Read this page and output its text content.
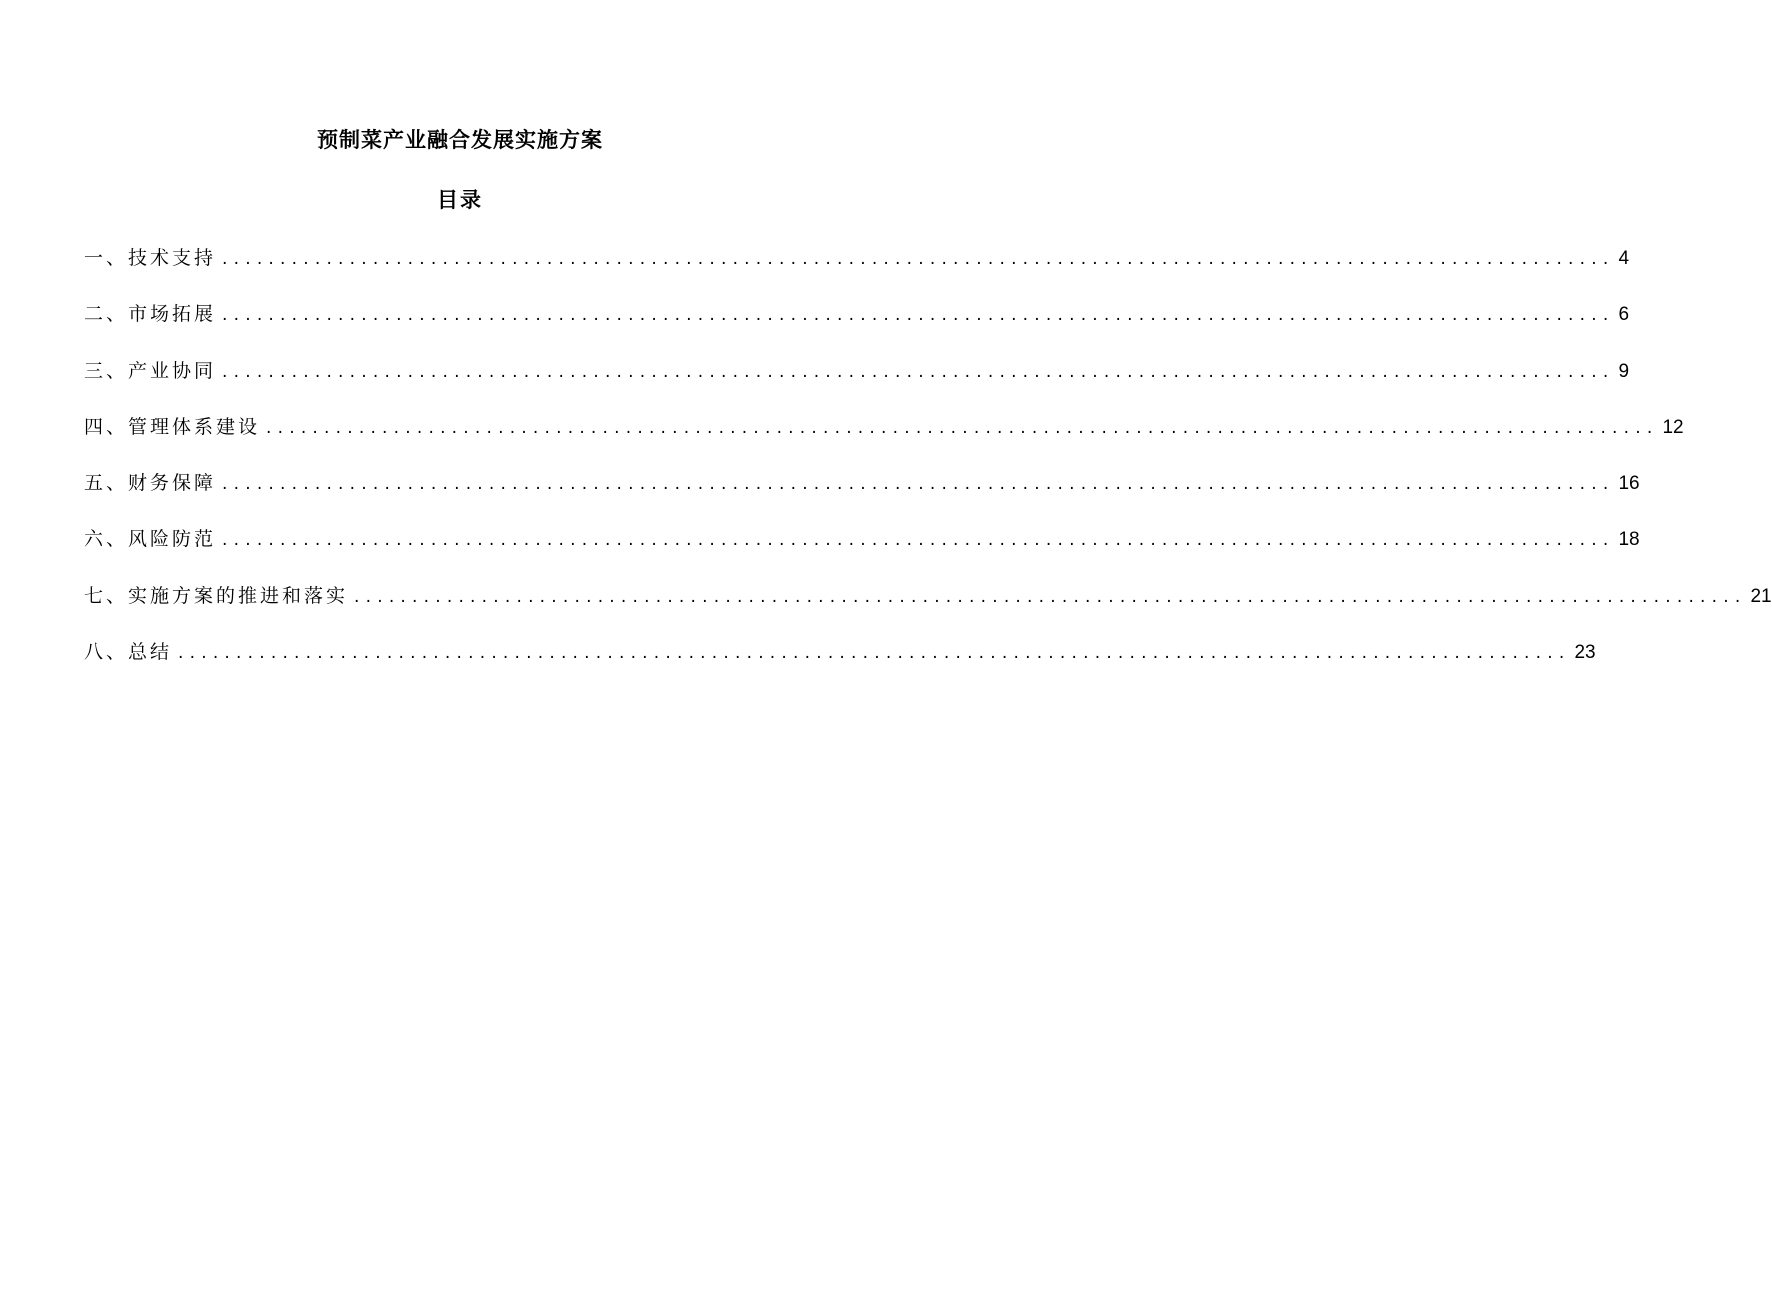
预制菜产业融合发展实施方案
目录
一、技术支持 ........................................................................................................................ 4
二、市场拓展 ........................................................................................................................ 6
三、产业协同 ........................................................................................................................ 9
四、管理体系建设 ........................................................................................................................ 12
五、财务保障 ........................................................................................................................ 16
六、风险防范 ........................................................................................................................ 18
七、实施方案的推进和落实 ........................................................................................................................ 21
八、总结 ........................................................................................................................ 23
